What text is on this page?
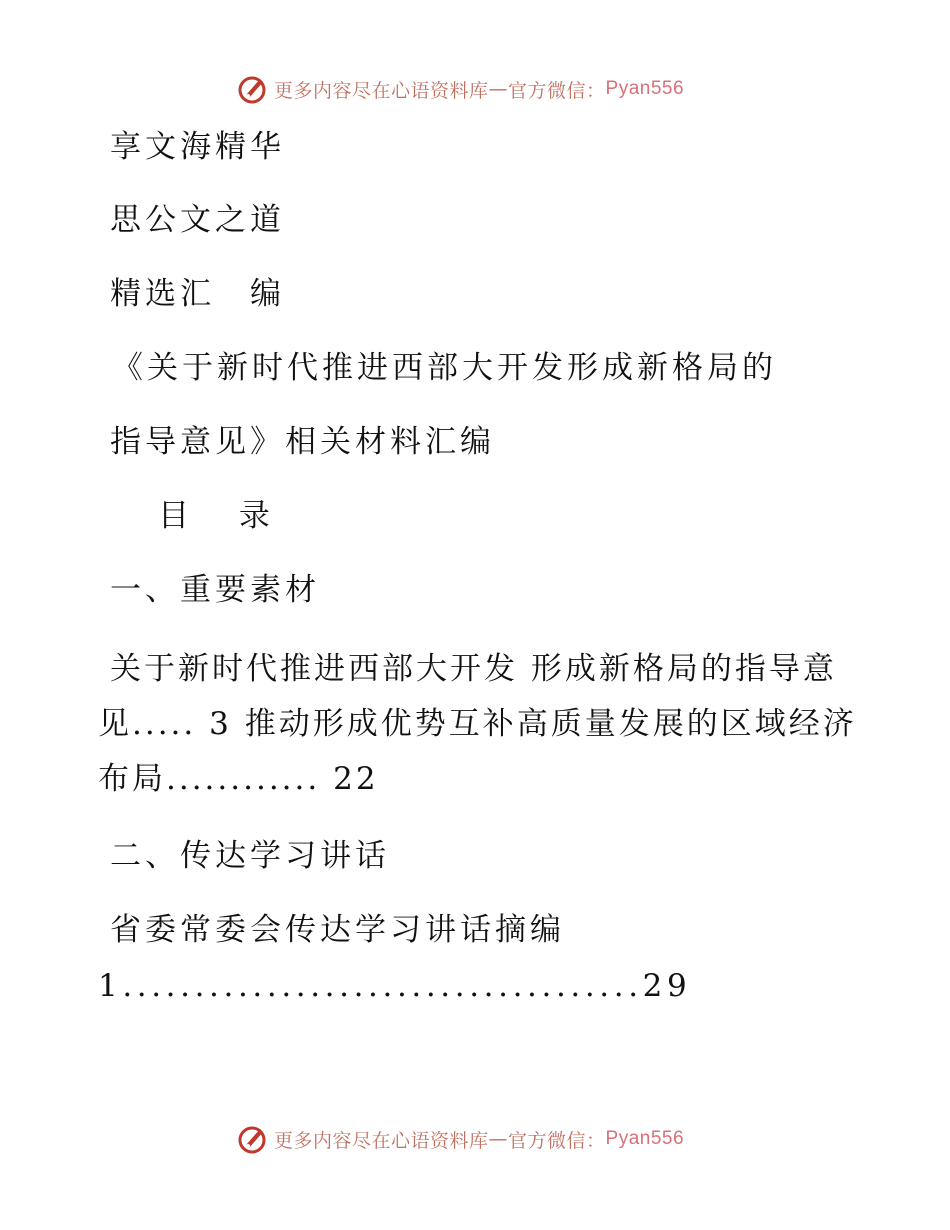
更多内容尽在心语资料库 — 官方微信： Pyan556
享文海精华
思公文之道
精选汇　编
《关于新时代推进西部大开发形成新格局的
指导意见》相关材料汇编
目 录
一、重要素材
关于新时代推进西部大开发 形成新格局的指导意见..... 3 推动形成优势互补高质量发展的区域经济布局............ 22
二、传达学习讲话
省委常委会传达学习讲话摘编
1....................................29
更多内容尽在心语资料库 — 官方微信： Pyan556
